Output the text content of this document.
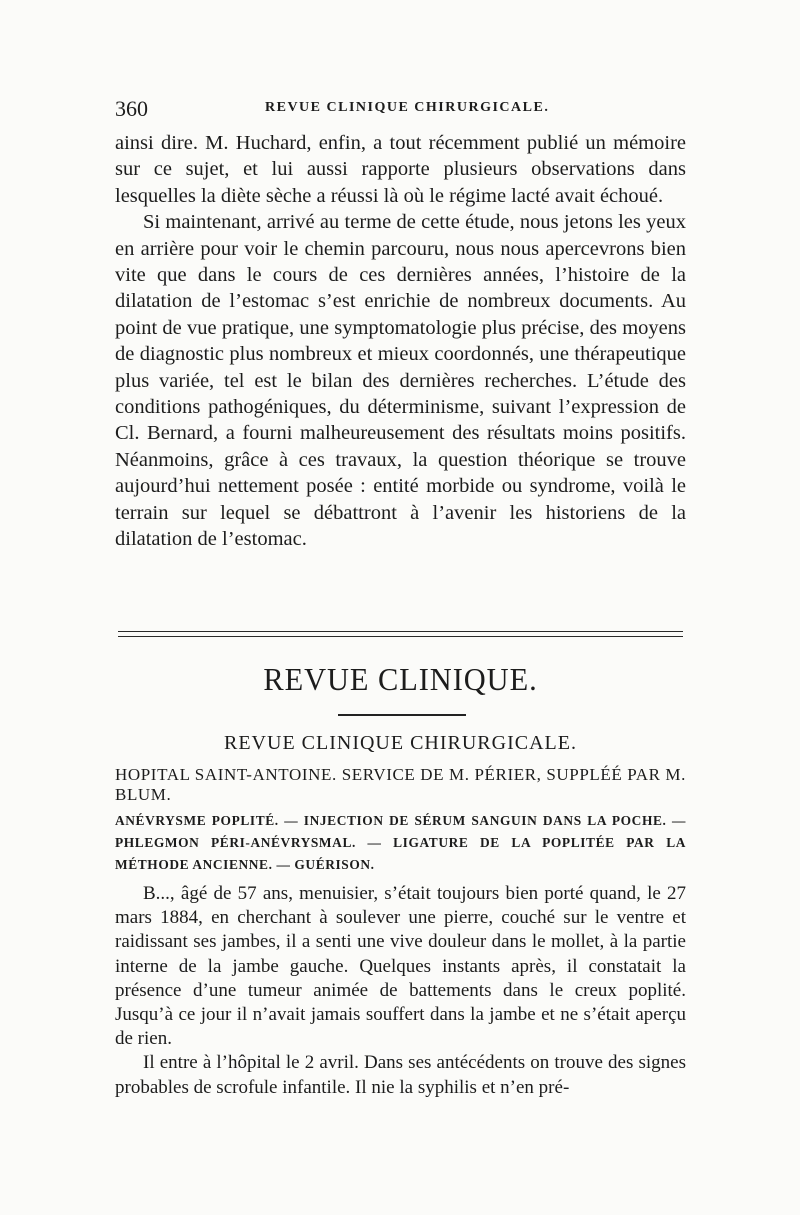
360	REVUE CLINIQUE CHIRURGICALE.

ainsi dire. M. Huchard, enfin, a tout récemment publié un mémoire sur ce sujet, et lui aussi rapporte plusieurs observations dans lesquelles la diète sèche a réussi là où le régime lacté avait échoué.

Si maintenant, arrivé au terme de cette étude, nous jetons les yeux en arrière pour voir le chemin parcouru, nous nous apercevrons bien vite que dans le cours de ces dernières années, l’histoire de la dilatation de l’estomac s’est enrichie de nombreux documents. Au point de vue pratique, une symptomatologie plus précise, des moyens de diagnostic plus nombreux et mieux coordonnés, une thérapeutique plus variée, tel est le bilan des dernières recherches. L’étude des conditions pathogéniques, du déterminisme, suivant l’expression de Cl. Bernard, a fourni malheureusement des résultats moins positifs. Néanmoins, grâce à ces travaux, la question théorique se trouve aujourd’hui nettement posée : entité morbide ou syndrome, voilà le terrain sur lequel se débattront à l’avenir les historiens de la dilatation de l’estomac.

REVUE CLINIQUE.
REVUE CLINIQUE CHIRURGICALE.
HOPITAL SAINT-ANTOINE. SERVICE DE M. PÉRIER, SUPPLÉÉ PAR M. BLUM.

ANÉVRYSME POPLITÉ. — INJECTION DE SÉRUM SANGUIN DANS LA POCHE. — PHLEGMON PÉRI-ANÉVRYSMAL. — LIGATURE DE LA POPLITÉE PAR LA MÉTHODE ANCIENNE. — GUÉRISON.

B..., âgé de 57 ans, menuisier, s’était toujours bien porté quand, le 27 mars 1884, en cherchant à soulever une pierre, couché sur le ventre et raidissant ses jambes, il a senti une vive douleur dans le mollet, à la partie interne de la jambe gauche. Quelques instants après, il constatait la présence d’une tumeur animée de battements dans le creux poplité. Jusqu’à ce jour il n’avait jamais souffert dans la jambe et ne s’était aperçu de rien.

Il entre à l’hôpital le 2 avril. Dans ses antécédents on trouve des signes probables de scrofule infantile. Il nie la syphilis et n’en pré-
